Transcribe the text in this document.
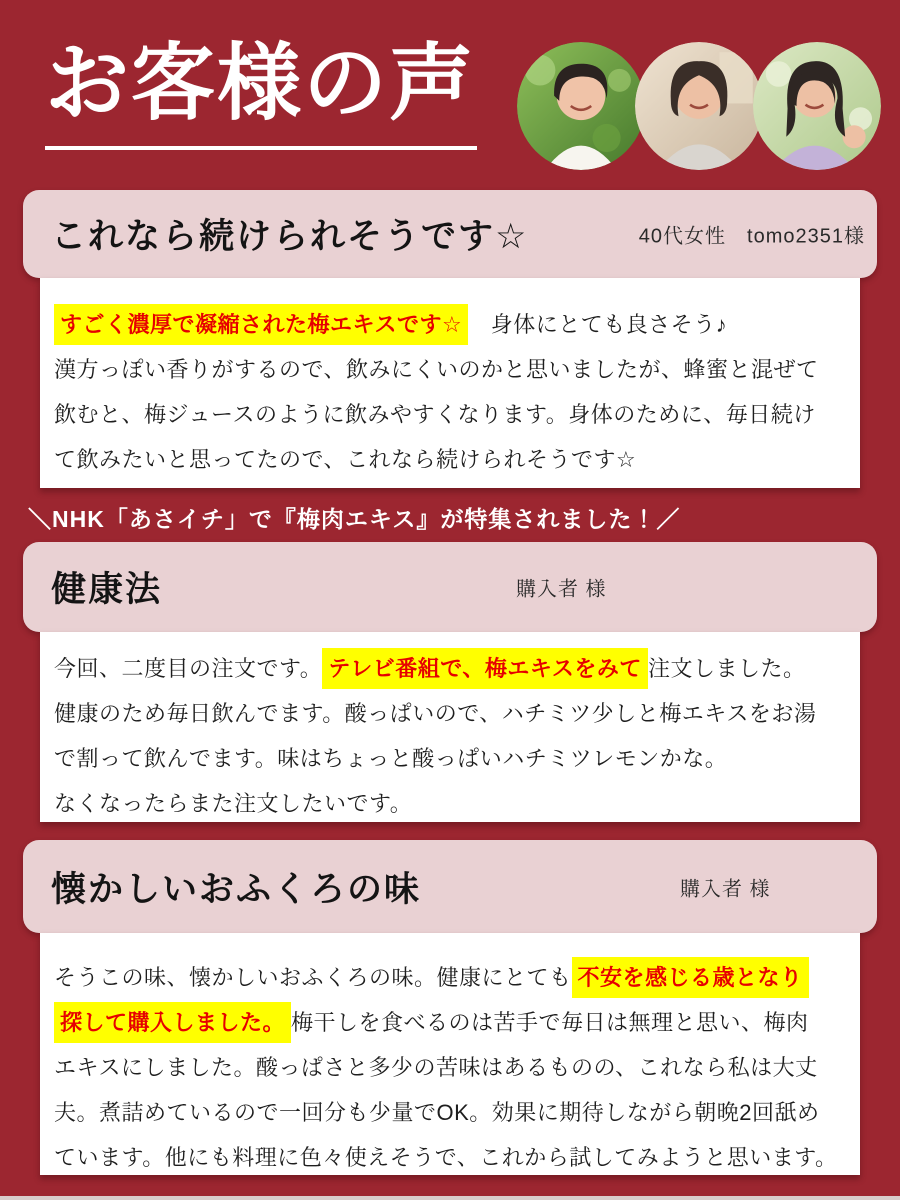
お客様の声
これなら続けられそうです☆	40代女性　tomo2351様
すごく濃厚で凝縮された梅エキスです☆　身体にとても良さそう♪
漢方っぽい香りがするので、飲みにくいのかと思いましたが、蜂蜜と混ぜて
飲むと、梅ジュースのように飲みやすくなります。身体のために、毎日続け
て飲みたいと思ってたので、これなら続けられそうです☆
＼NHK「あさイチ」で『梅肉エキス』が特集されました！／
健康法	購入者 様
今回、二度目の注文です。 テレビ番組で、梅エキスをみて 注文しました。
健康のため毎日飲んでます。酸っぱいので、ハチミツ少しと梅エキスをお湯
で割って飲んでます。味はちょっと酸っぱいハチミツレモンかな。
なくなったらまた注文したいです。
懐かしいおふくろの味	購入者 様
そうこの味、懐かしいおふくろの味。健康にとても 不安を感じる歳となり
探して購入しました。 梅干しを食べるのは苦手で毎日は無理と思い、梅肉
エキスにしました。酸っぱさと多少の苦味はあるものの、これなら私は大丈
夫。煮詰めているので一回分も少量でOK。効果に期待しながら朝晩2回舐め
ています。他にも料理に色々使えそうで、これから試してみようと思います。
